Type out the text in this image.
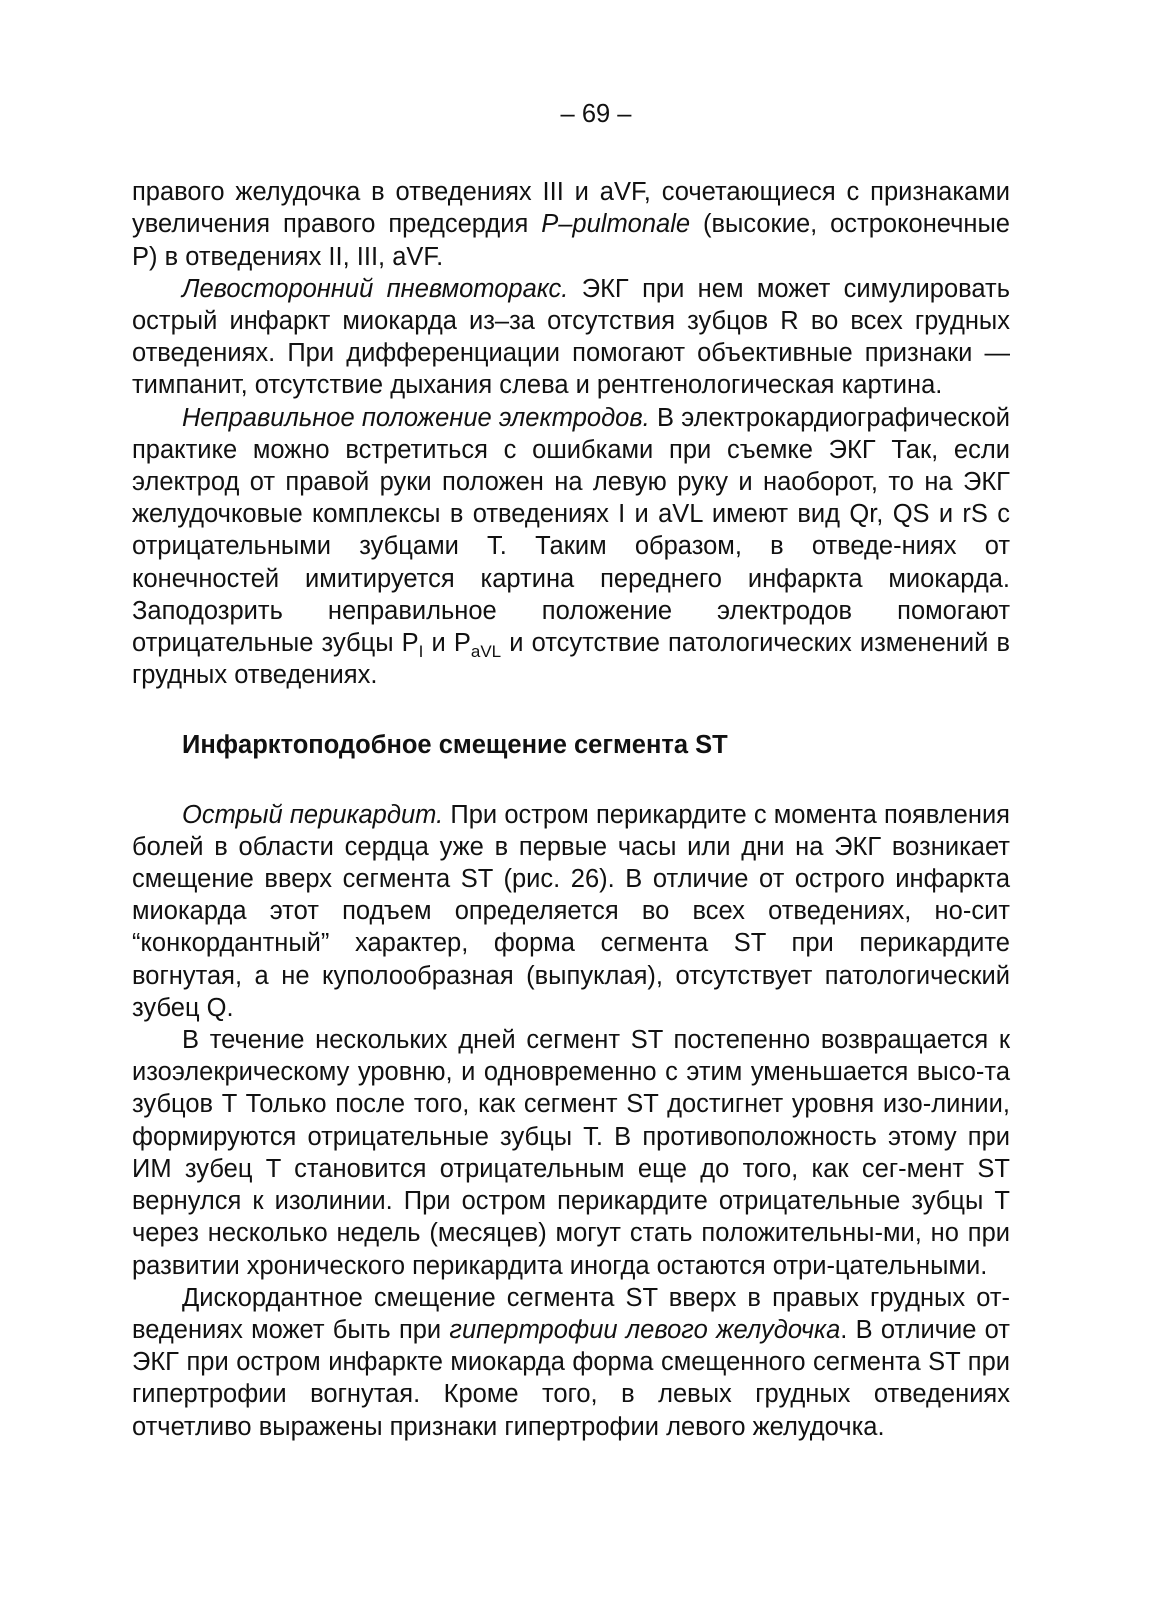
– 69 –

правого желудочка в отведениях III и aVF, сочетающиеся с признаками увеличения правого предсердия P–pulmonale (высокие, остроконечные P) в отведениях II, III, aVF.

Левосторонний пневмоторакс. ЭКГ при нем может симулировать острый инфаркт миокарда из–за отсутствия зубцов R во всех грудных отведениях. При дифференциации помогают объективные признаки — тимпанит, отсутствие дыхания слева и рентгенологическая картина.

Неправильное положение электродов. В электрокардиографической практике можно встретиться с ошибками при съемке ЭКГ Так, если электрод от правой руки положен на левую руку и наоборот, то на ЭКГ желудочковые комплексы в отведениях I и aVL имеют вид Qr, QS и rS с отрицательными зубцами T. Таким образом, в отведе-ниях от конечностей имитируется картина переднего инфаркта миокарда. Заподозрить неправильное положение электродов помогают отрицательные зубцы $P_I$ и $P_{aVL}$ и отсутствие патологических изменений в грудных отведениях.

Инфарктоподобное смещение сегмента ST

Острый перикардит. При остром перикардите с момента появления болей в области сердца уже в первые часы или дни на ЭКГ возникает смещение вверх сегмента ST (рис. 26). В отличие от острого инфаркта миокарда этот подъем определяется во всех отведениях, но-сит “конкордантный” характер, форма сегмента ST при перикардите вогнутая, а не куполообразная (выпуклая), отсутствует патологический зубец Q.

В течение нескольких дней сегмент ST постепенно возвращается к изоэлекрическому уровню, и одновременно с этим уменьшается высо-та зубцов T Только после того, как сегмент ST достигнет уровня изо-линии, формируются отрицательные зубцы T. В противоположность этому при ИМ зубец T становится отрицательным еще до того, как сег-мент ST вернулся к изолинии. При остром перикардите отрицательные зубцы T через несколько недель (месяцев) могут стать положительны-ми, но при развитии хронического перикардита иногда остаются отри-цательными.

Дискордантное смещение сегмента ST вверх в правых грудных от-ведениях может быть при гипертрофии левого желудочка. В отличие от ЭКГ при остром инфаркте миокарда форма смещенного сегмента ST при гипертрофии вогнутая. Кроме того, в левых грудных отведениях отчетливо выражены признаки гипертрофии левого желудочка.
